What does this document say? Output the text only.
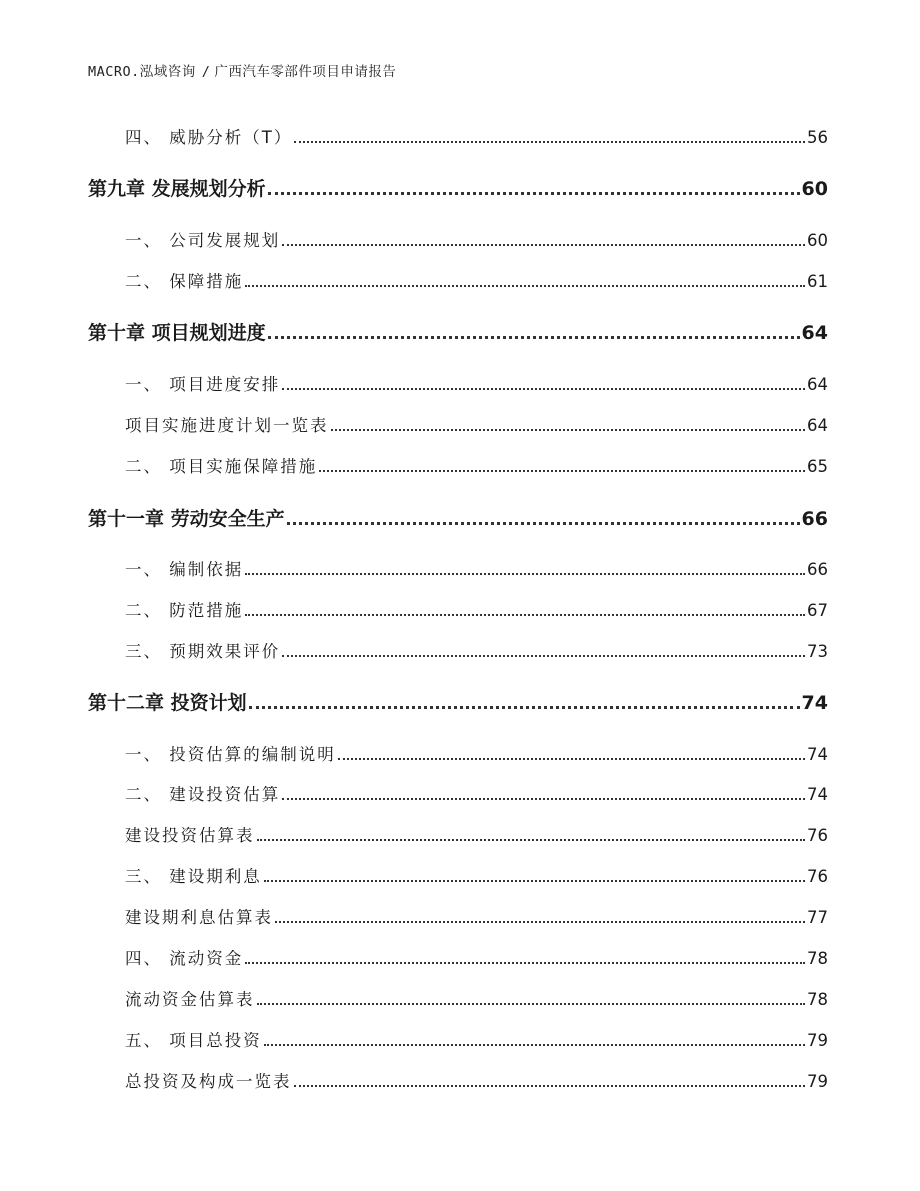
MACRO.泓域咨询 / 广西汽车零部件项目申请报告
四、 威胁分析（T）	56
第九章 发展规划分析	60
一、 公司发展规划	60
二、 保障措施	61
第十章 项目规划进度	64
一、 项目进度安排	64
项目实施进度计划一览表	64
二、 项目实施保障措施	65
第十一章 劳动安全生产	66
一、 编制依据	66
二、 防范措施	67
三、 预期效果评价	73
第十二章 投资计划	74
一、 投资估算的编制说明	74
二、 建设投资估算	74
建设投资估算表	76
三、 建设期利息	76
建设期利息估算表	77
四、 流动资金	78
流动资金估算表	78
五、 项目总投资	79
总投资及构成一览表	79
